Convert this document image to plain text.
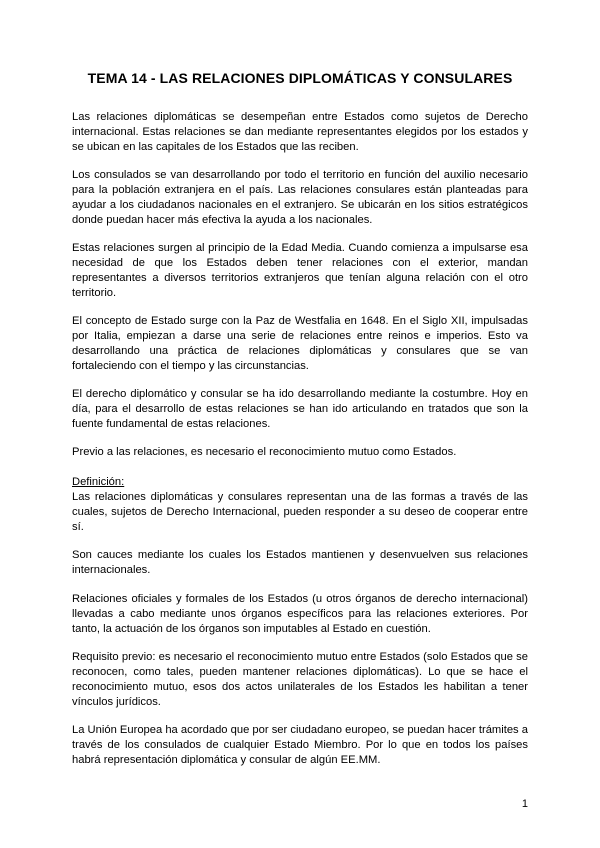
TEMA 14 - LAS RELACIONES DIPLOMÁTICAS Y CONSULARES

Las relaciones diplomáticas se desempeñan entre Estados como sujetos de Derecho internacional. Estas relaciones se dan mediante representantes elegidos por los estados y se ubican en las capitales de los Estados que las reciben.

Los consulados se van desarrollando por todo el territorio en función del auxilio necesario para la población extranjera en el país. Las relaciones consulares están planteadas para ayudar a los ciudadanos nacionales en el extranjero. Se ubicarán en los sitios estratégicos donde puedan hacer más efectiva la ayuda a los nacionales.

Estas relaciones surgen al principio de la Edad Media. Cuando comienza a impulsarse esa necesidad de que los Estados deben tener relaciones con el exterior, mandan representantes a diversos territorios extranjeros que tenían alguna relación con el otro territorio.

El concepto de Estado surge con la Paz de Westfalia en 1648. En el Siglo XII, impulsadas por Italia, empiezan a darse una serie de relaciones entre reinos e imperios. Esto va desarrollando una práctica de relaciones diplomáticas y consulares que se van fortaleciendo con el tiempo y las circunstancias.

El derecho diplomático y consular se ha ido desarrollando mediante la costumbre. Hoy en día, para el desarrollo de estas relaciones se han ido articulando en tratados que son la fuente fundamental de estas relaciones.

Previo a las relaciones, es necesario el reconocimiento mutuo como Estados.

Definición:

Las relaciones diplomáticas y consulares representan una de las formas a través de las cuales, sujetos de Derecho Internacional, pueden responder a su deseo de cooperar entre sí.

Son cauces mediante los cuales los Estados mantienen y desenvuelven sus relaciones internacionales.

Relaciones oficiales y formales de los Estados (u otros órganos de derecho internacional) llevadas a cabo mediante unos órganos específicos para las relaciones exteriores. Por tanto, la actuación de los órganos son imputables al Estado en cuestión.

Requisito previo: es necesario el reconocimiento mutuo entre Estados (solo Estados que se reconocen, como tales, pueden mantener relaciones diplomáticas). Lo que se hace el reconocimiento mutuo, esos dos actos unilaterales de los Estados les habilitan a tener vínculos jurídicos.

La Unión Europea ha acordado que por ser ciudadano europeo, se puedan hacer trámites a través de los consulados de cualquier Estado Miembro. Por lo que en todos los países habrá representación diplomática y consular de algún EE.MM.

1
